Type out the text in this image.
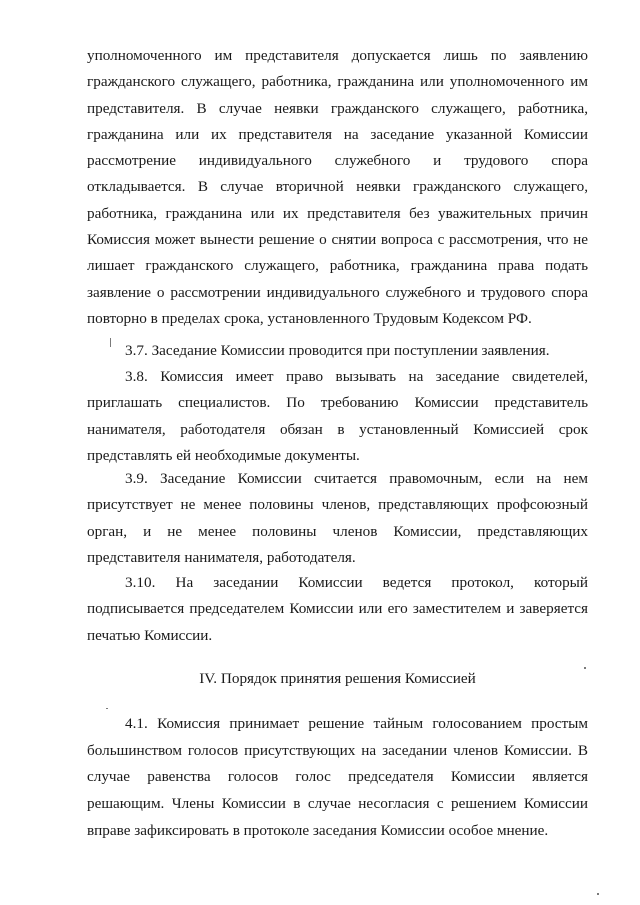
уполномоченного им представителя допускается лишь по заявлению гражданского служащего, работника, гражданина или уполномоченного им представителя. В случае неявки гражданского служащего, работника, гражданина или их представителя на заседание указанной Комиссии рассмотрение индивидуального служебного и трудового спора откладывается. В случае вторичной неявки гражданского служащего, работника, гражданина или их представителя без уважительных причин Комиссия может вынести решение о снятии вопроса с рассмотрения, что не лишает гражданского служащего, работника, гражданина права подать заявление о рассмотрении индивидуального служебного и трудового спора повторно в пределах срока, установленного Трудовым Кодексом РФ.

3.7. Заседание Комиссии проводится при поступлении заявления.

3.8. Комиссия имеет право вызывать на заседание свидетелей, приглашать специалистов. По требованию Комиссии представитель нанимателя, работодателя обязан в установленный Комиссией срок представлять ей необходимые документы.

3.9. Заседание Комиссии считается правомочным, если на нем присутствует не менее половины членов, представляющих профсоюзный орган, и не менее половины членов Комиссии, представляющих представителя нанимателя, работодателя.

3.10. На заседании Комиссии ведется протокол, который подписывается председателем Комиссии или его заместителем и заверяется печатью Комиссии.

IV. Порядок принятия решения Комиссией

4.1. Комиссия принимает решение тайным голосованием простым большинством голосов присутствующих на заседании членов Комиссии. В случае равенства голосов голос председателя Комиссии является решающим. Члены Комиссии в случае несогласия с решением Комиссии вправе зафиксировать в протоколе заседания Комиссии особое мнение.
